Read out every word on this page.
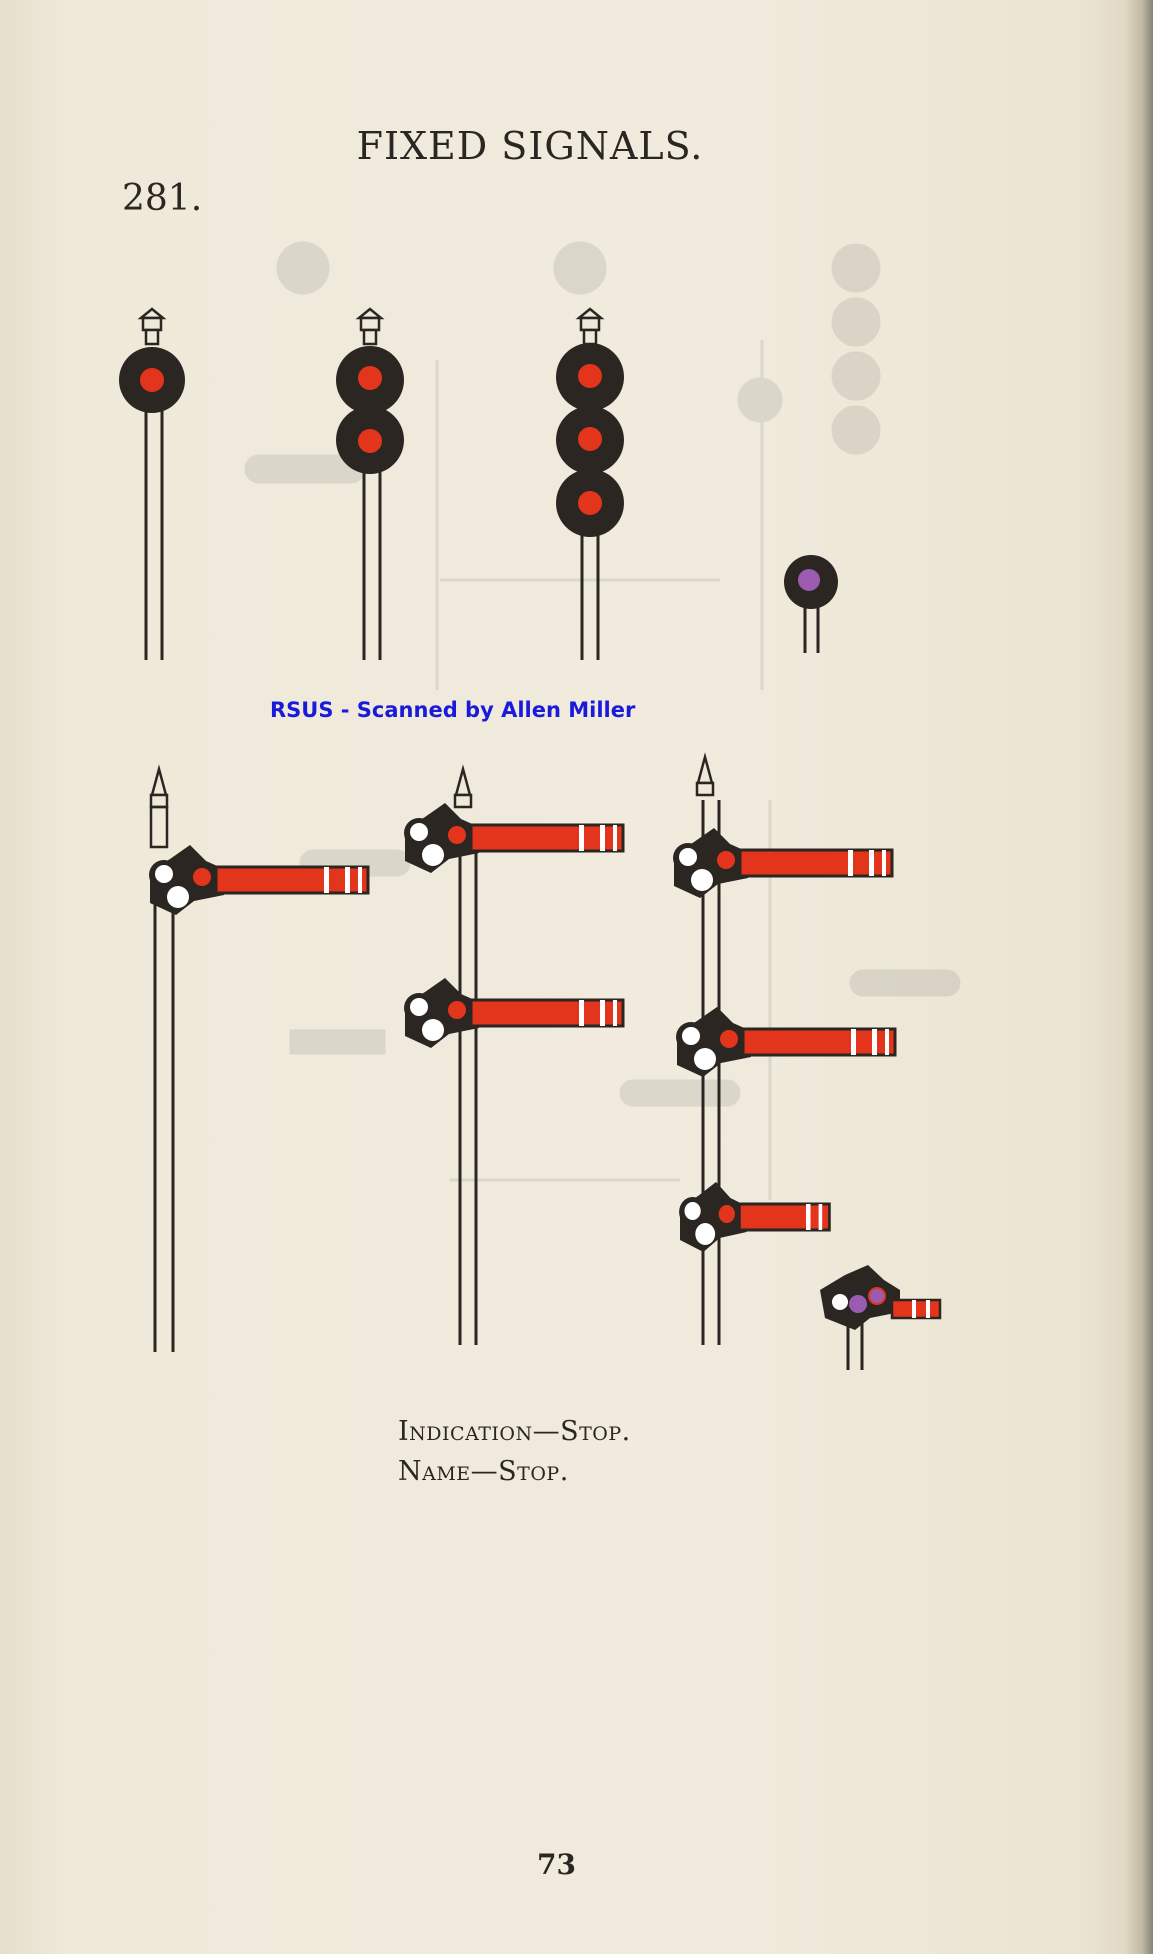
FIXED SIGNALS.
281.
RSUS - Scanned by Allen Miller
Indication—Stop.
Name—Stop.
73
